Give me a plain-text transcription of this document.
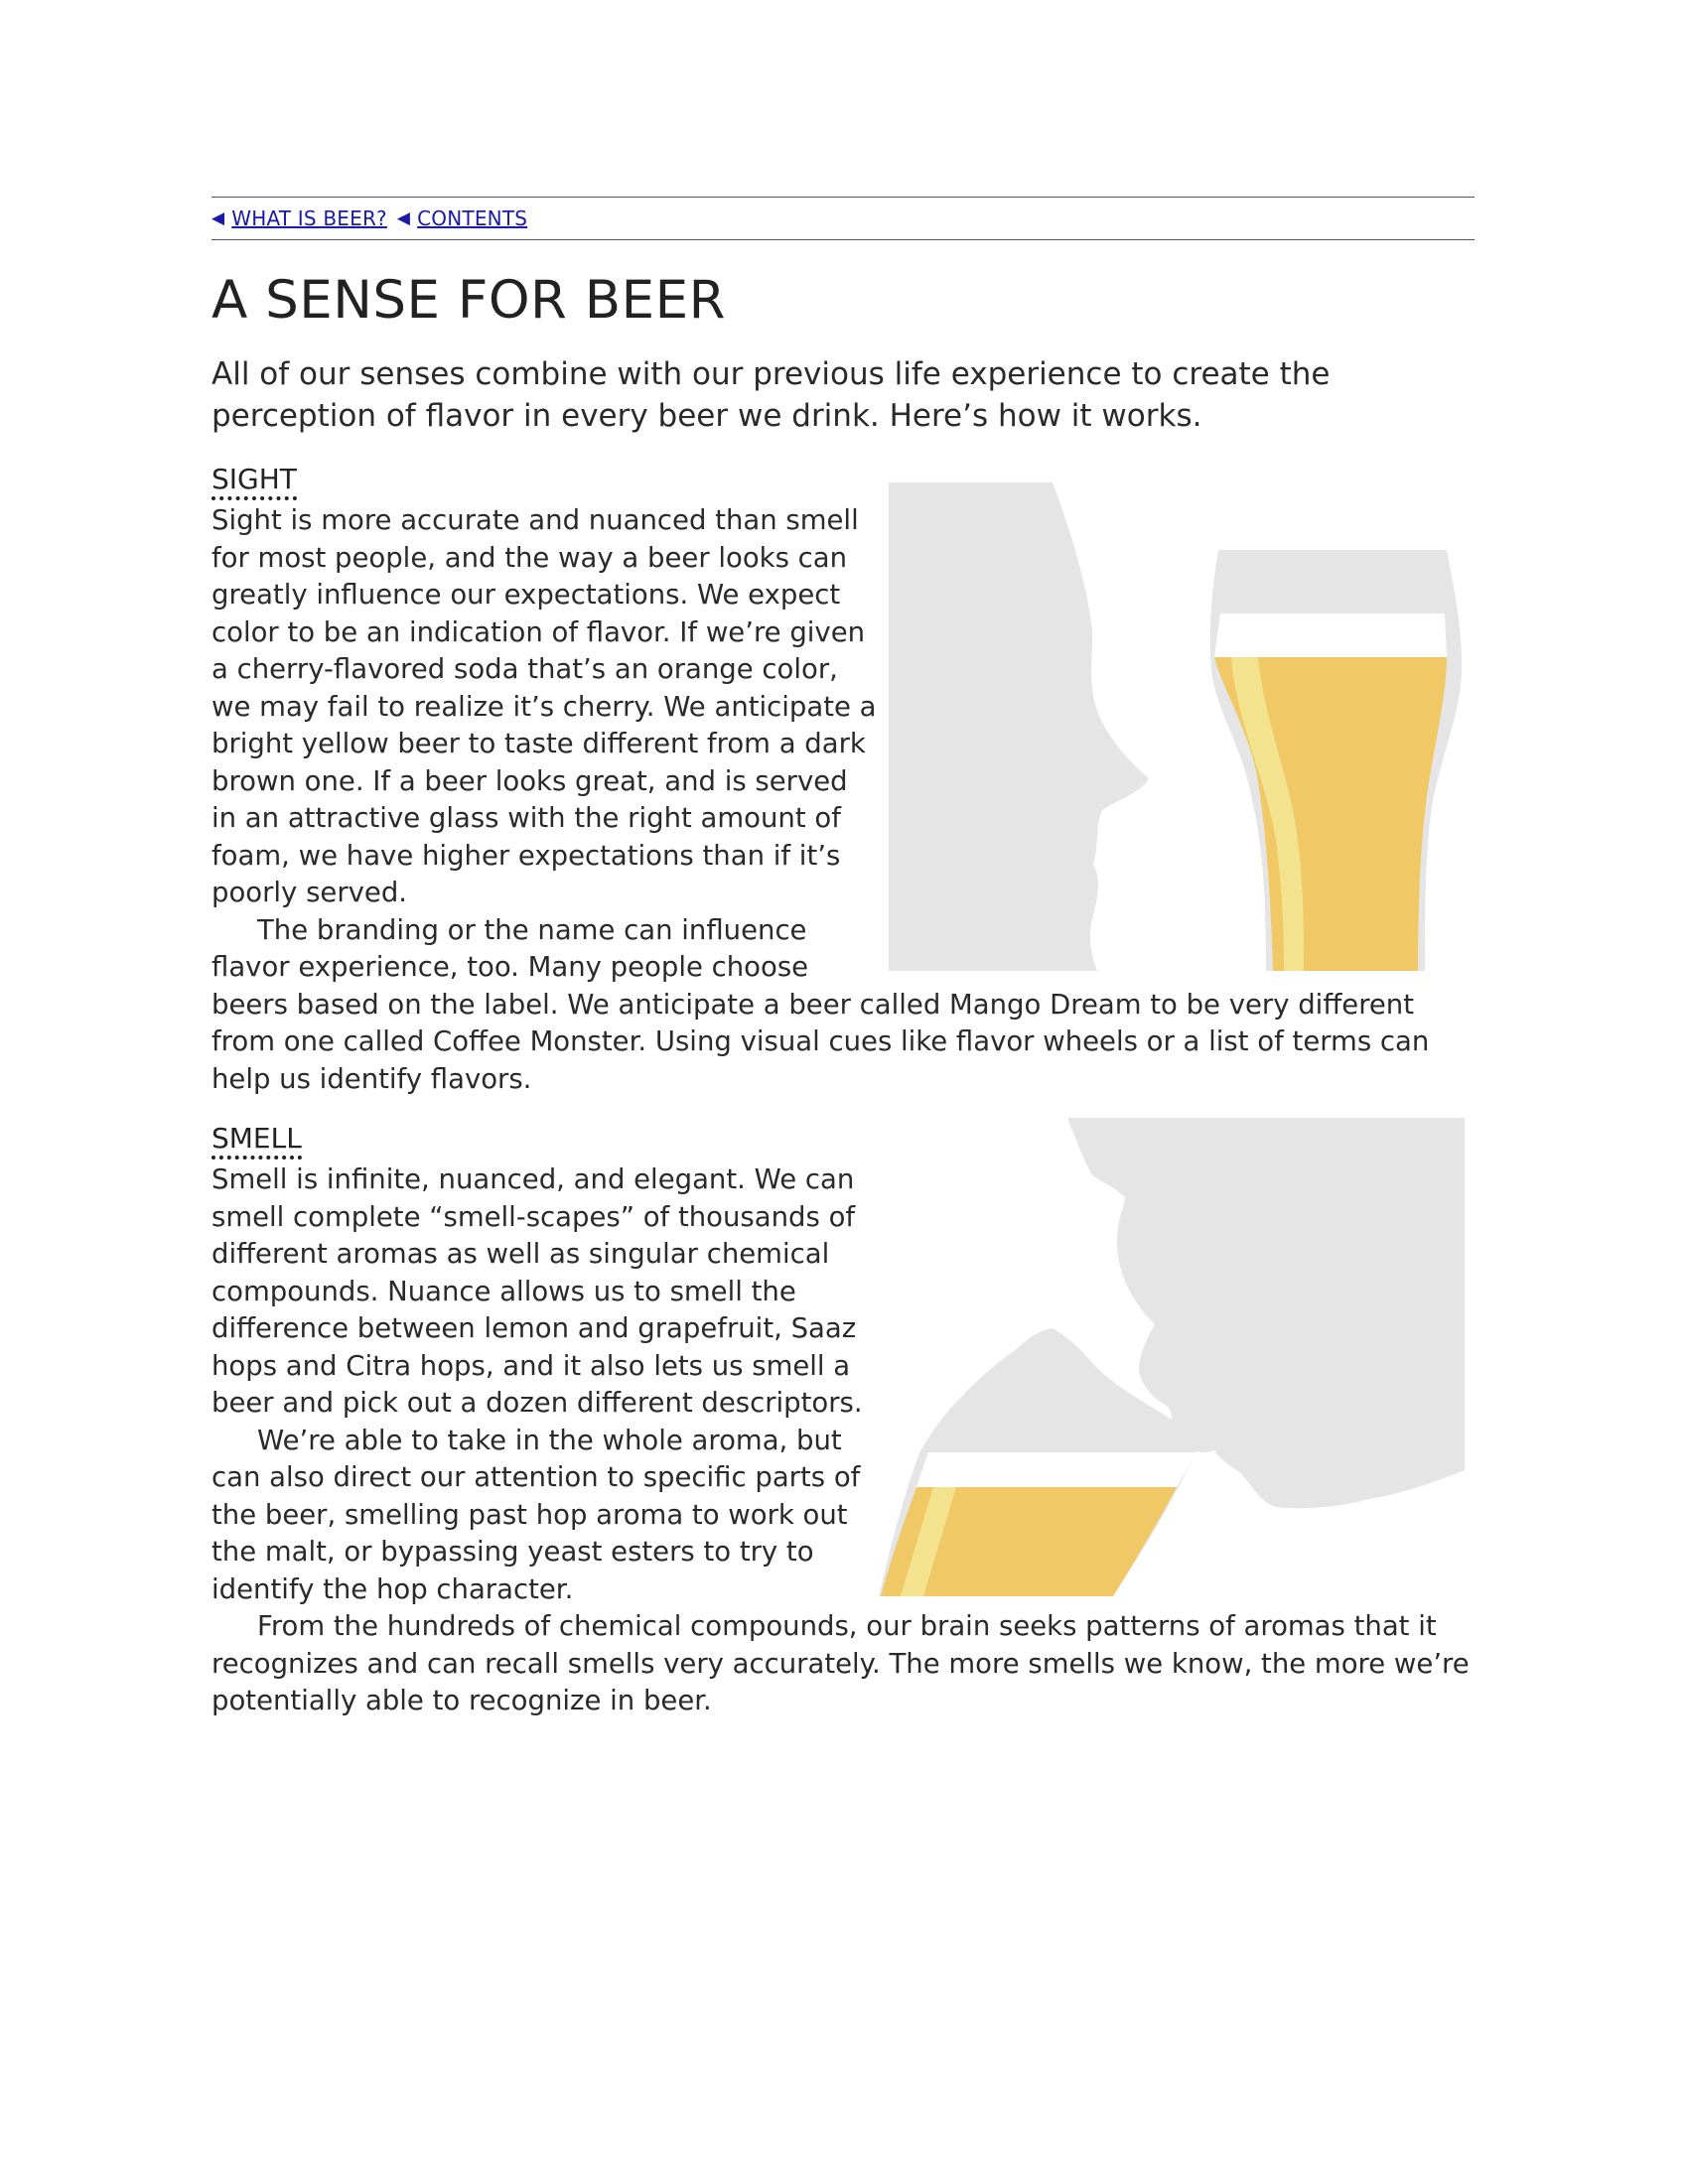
◀ WHAT IS BEER? ◀ CONTENTS
A SENSE FOR BEER

All of our senses combine with our previous life experience to create the perception of flavor in every beer we drink. Here’s how it works.

SIGHT

Sight is more accurate and nuanced than smell for most people, and the way a beer looks can greatly influence our expectations. We expect color to be an indication of flavor. If we’re given a cherry-flavored soda that’s an orange color, we may fail to realize it’s cherry. We anticipate a bright yellow beer to taste different from a dark brown one. If a beer looks great, and is served in an attractive glass with the right amount of foam, we have higher expectations than if it’s poorly served.

The branding or the name can influence flavor experience, too. Many people choose beers based on the label. We anticipate a beer called Mango Dream to be very different from one called Coffee Monster. Using visual cues like flavor wheels or a list of terms can help us identify flavors.

SMELL

Smell is infinite, nuanced, and elegant. We can smell complete “smell-scapes” of thousands of different aromas as well as singular chemical compounds. Nuance allows us to smell the difference between lemon and grapefruit, Saaz hops and Citra hops, and it also lets us smell a beer and pick out a dozen different descriptors.

We’re able to take in the whole aroma, but can also direct our attention to specific parts of the beer, smelling past hop aroma to work out the malt, or bypassing yeast esters to try to identify the hop character.

From the hundreds of chemical compounds, our brain seeks patterns of aromas that it recognizes and can recall smells very accurately. The more smells we know, the more we’re potentially able to recognize in beer.
